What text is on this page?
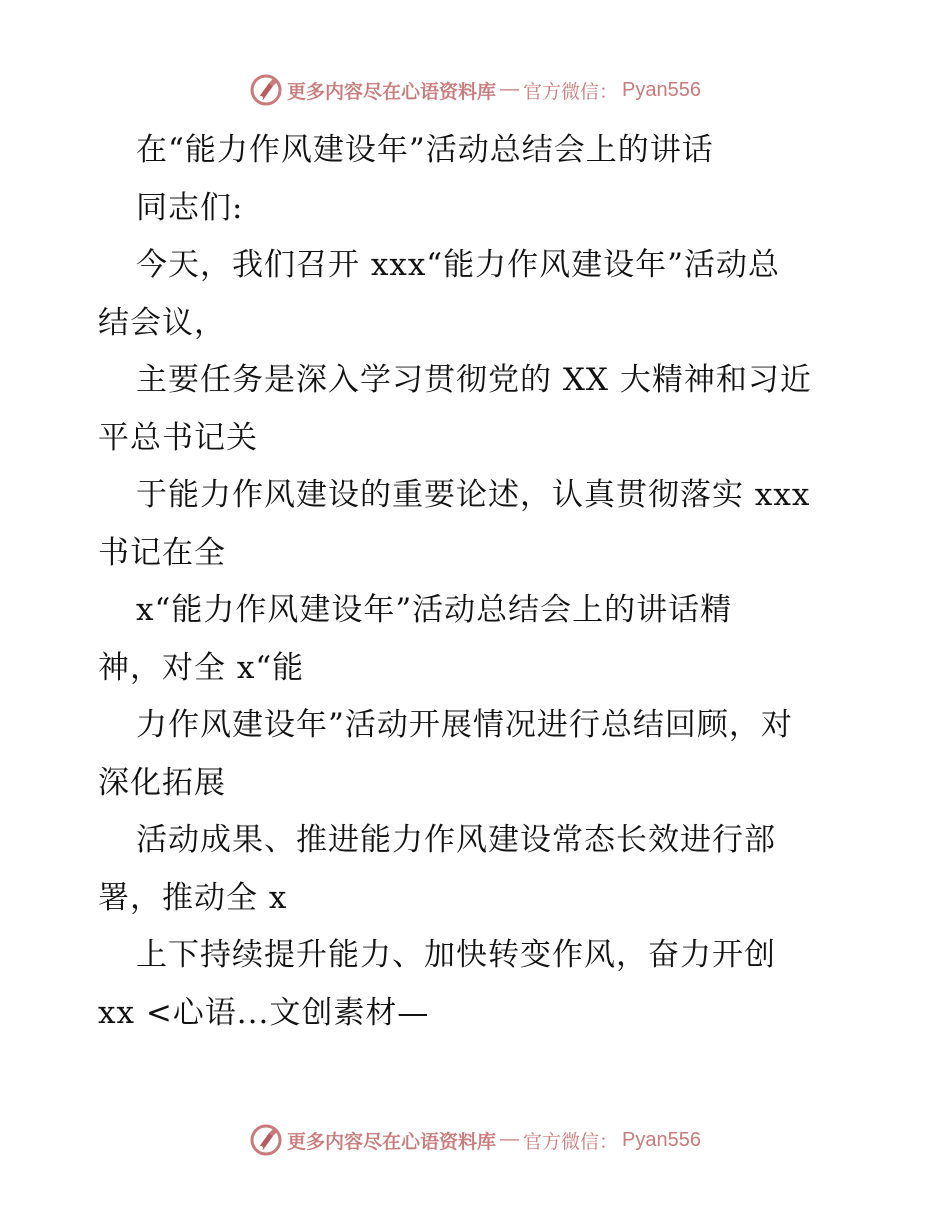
更多内容尽在心语资料库 — 官方微信： Pyan556
在“能力作风建设年”活动总结会上的讲话
同志们:
今天，我们召开 xxx“能力作风建设年”活动总
结会议，
主要任务是深入学习贯彻党的 XX 大精神和习近
平总书记关
于能力作风建设的重要论述，认真贯彻落实 xxx
书记在全
x“能力作风建设年”活动总结会上的讲话精
神，对全 x“能
力作风建设年”活动开展情况进行总结回顾，对
深化拓展
活动成果、推进能力作风建设常态长效进行部
署，推动全 x
上下持续提升能力、加快转变作风，奋力开创
xx <心语...文创素材—
更多内容尽在心语资料库 — 官方微信： Pyan556
